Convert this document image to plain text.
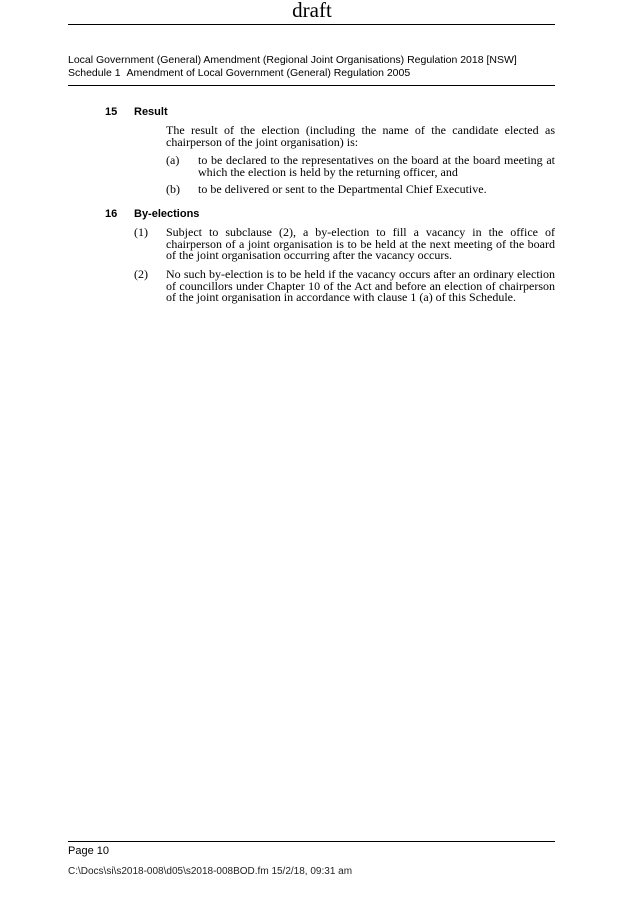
draft
Local Government (General) Amendment (Regional Joint Organisations) Regulation 2018 [NSW]
Schedule 1 Amendment of Local Government (General) Regulation 2005
15 Result
The result of the election (including the name of the candidate elected as chairperson of the joint organisation) is:
(a) to be declared to the representatives on the board at the board meeting at which the election is held by the returning officer, and
(b) to be delivered or sent to the Departmental Chief Executive.
16 By-elections
(1) Subject to subclause (2), a by-election to fill a vacancy in the office of chairperson of a joint organisation is to be held at the next meeting of the board of the joint organisation occurring after the vacancy occurs.
(2) No such by-election is to be held if the vacancy occurs after an ordinary election of councillors under Chapter 10 of the Act and before an election of chairperson of the joint organisation in accordance with clause 1 (a) of this Schedule.
Page 10
C:\Docs\si\s2018-008\d05\s2018-008BOD.fm 15/2/18, 09:31 am
